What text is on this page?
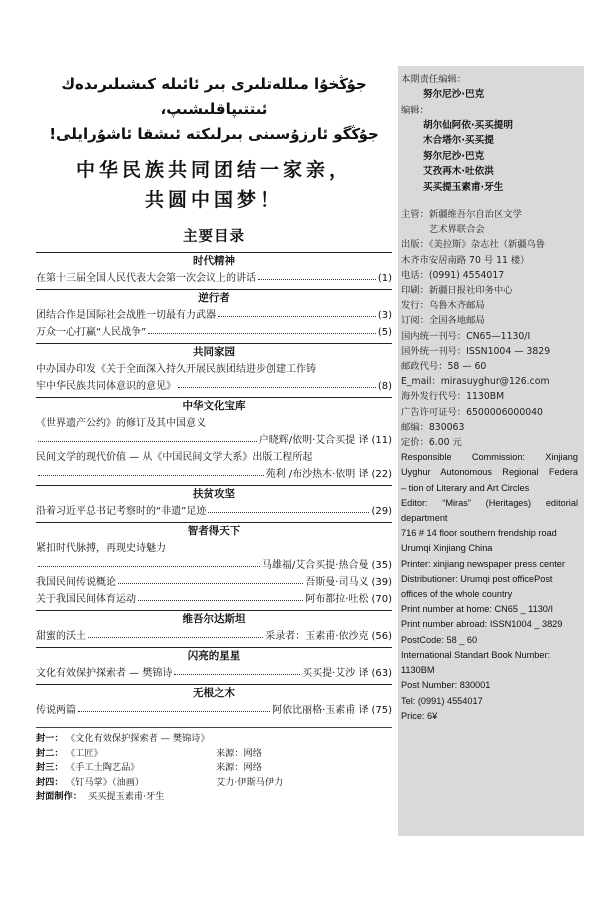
جۇڭخۇا مىللەتلىرى بىر ئائىلە كىشىلىرىدەك ئىتتىپاقلىشىپ،
جۇڭگو ئارزۇسىنى بىرلىكتە ئىشقا ئاشۇرايلى!
中华民族共同团结一家亲，
共圆中国梦！
主要目录
时代精神
在第十三届全国人民代表大会第一次会议上的讲话	(1)
逆行者
团结合作是国际社会战胜一切最有力武器	(3)
万众一心打赢“人民战争”	(5)
共同家园
中办国办印发《关于全面深入持久开展民族团结进步创建工作铸
牢中华民族共同体意识的意见》	(8)
中华文化宝库
《世界遗产公约》的修订及其中国意义
户晓辉/依明·艾合买提 译 (11)
民间文学的现代价值 — 从《中国民间文学大系》出版工程所起
苑利 /布沙热木·依明 译 (22)
扶贫攻坚
沿着习近平总书记考察时的“非遗”足迹	(29)
智者得天下
紧扣时代脉搏，再现史诗魅力
马雄福/艾合买提·热合曼 (35)
我国民间传说概论	吾斯曼·司马义 (39)
关于我国民间体育运动	阿布都拉·吐松 (70)
维吾尔达斯坦
甜蜜的沃土	采录者：玉素甫·依沙克 (56)
闪亮的星星
文化有效保护探索者 — 樊锦诗	买买提·艾沙 译 (63)
无根之木
传说两篇	阿依比丽格·玉素甫 译 (75)
封一： 《文化有效保护探索者 — 樊锦诗》
封二： 《工匠》	来源：网络
封三： 《手工土陶艺品》	来源：网络
封四： 《钉马掌》（油画）	艾力·伊斯马伊力
封面制作： 买买提玉素甫·牙生
本期责任编辑：
努尔尼沙·巴克
编辑：
胡尔仙阿依·买买提明
木合塔尔·买买提
努尔尼沙·巴克
艾孜再木·吐依洪
买买提玉素甫·牙生
主管：新疆维吾尔自治区文学
　　　艺术界联合会
出版：《美拉斯》杂志社（新疆乌鲁
木齐市安居南路 70 号 11 楼）
电话：(0991) 4554017
印刷：新疆日报社印务中心
发行：乌鲁木齐邮局
订阅：全国各地邮局
国内统一刊号：CN65—1130/I
国外统一刊号：ISSN1004 — 3829
邮政代号：58 — 60
E_mail：mirasuyghur@126.com
海外发行代号：1130BM
广告许可证号：6500006000040
邮编：830063
定价：6.00 元
Responsible Commission: Xinjiang
Uyghur Autonomous Regional Federa
– tion of Literary and Art Circles
Editor: “Miras” (Heritages) editorial
department
716 # 14 floor southern frendship road
Urumqi Xinjiang China
Printer: xinjiang newspaper press center
Distributioner: Urumqi post officePost
offices of the whole country
Print number at home: CN65 _ 1130/I
Print number abroad: ISSN1004 _ 3829
PostCode: 58 _ 60
International Standart Book Number: 1130BM
Post Number: 830001
Tel: (0991) 4554017
Price: 6¥
